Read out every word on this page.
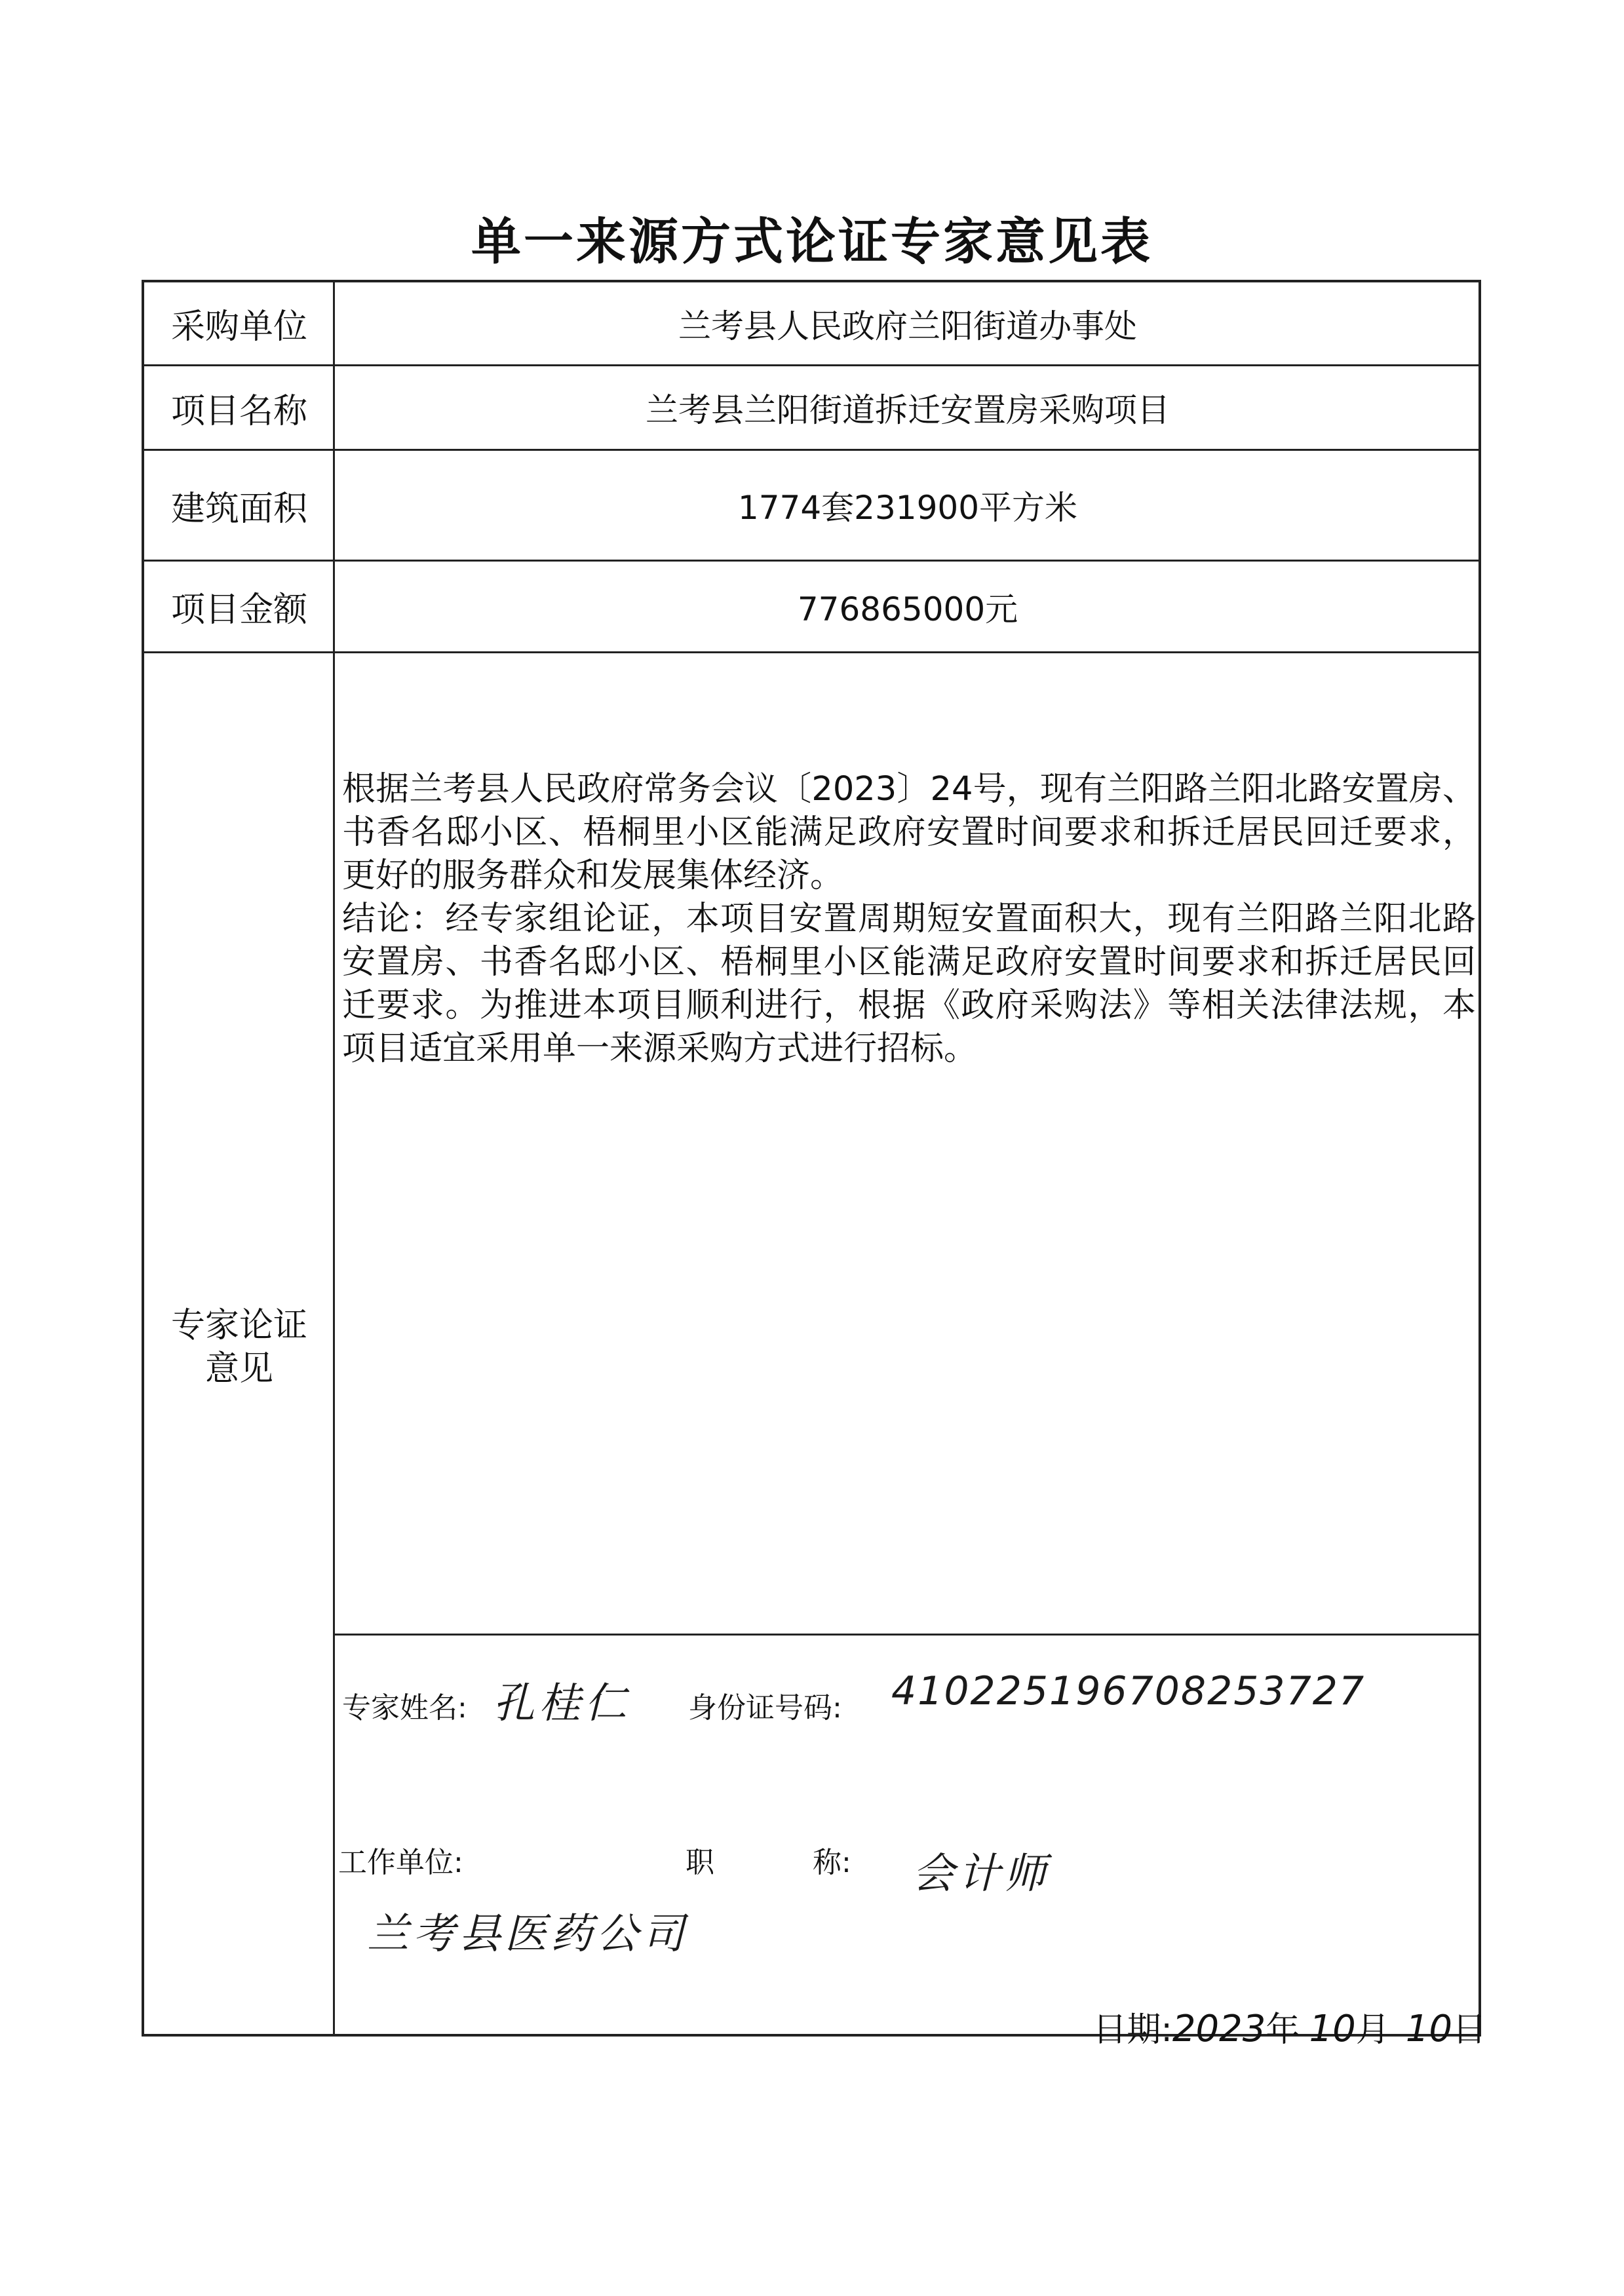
单一来源方式论证专家意见表
采购单位	兰考县人民政府兰阳街道办事处
项目名称	兰考县兰阳街道拆迁安置房采购项目
建筑面积	1774套231900平方米
项目金额	776865000元
专家论证
意见

根据兰考县人民政府常务会议〔2023〕24号，现有兰阳路兰阳北路安置房、书香名邸小区、梧桐里小区能满足政府安置时间要求和拆迁居民回迁要求，更好的服务群众和发展集体经济。

结论：经专家组论证，本项目安置周期短安置面积大，现有兰阳路兰阳北路安置房、书香名邸小区、梧桐里小区能满足政府安置时间要求和拆迁居民回迁要求。为推进本项目顺利进行，根据《政府采购法》等相关法律法规，本项目适宜采用单一来源采购方式进行招标。

专家姓名: 孔桂仁 身份证号码: 410225196708253727
工作单位:	职	称: 会计师
兰考县医药公司
日期:2023年 10月 10日
